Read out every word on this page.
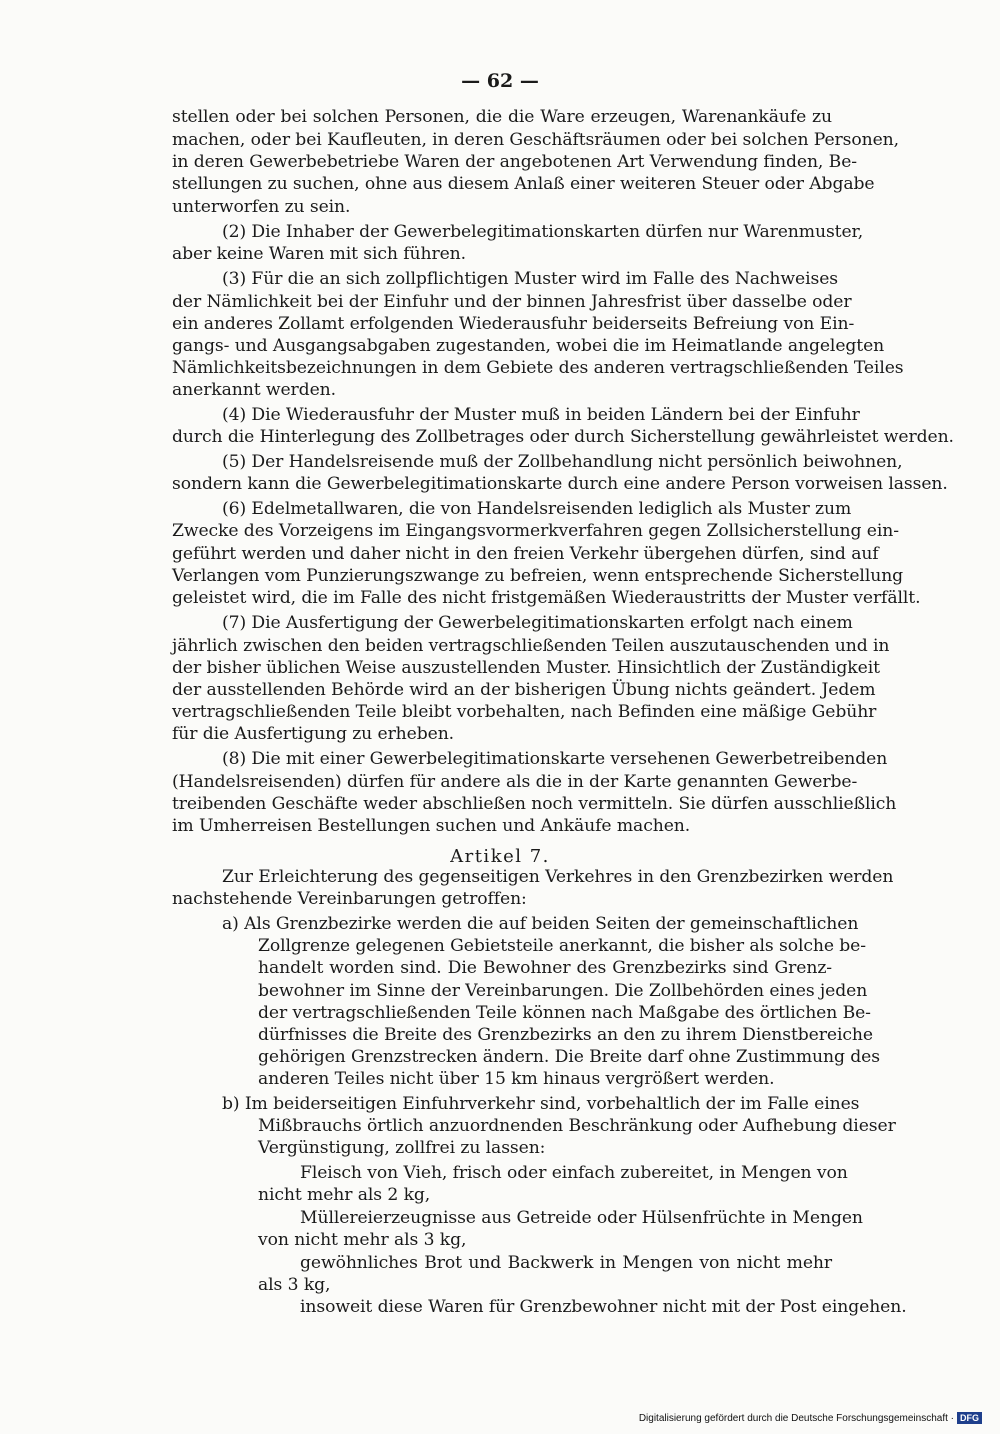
— 62 —
stellen oder bei solchen Personen, die die Ware erzeugen, Warenankäufe zu
machen, oder bei Kaufleuten, in deren Geschäftsräumen oder bei solchen Personen,
in deren Gewerbebetriebe Waren der angebotenen Art Verwendung finden, Be-
stellungen zu suchen, ohne aus diesem Anlaß einer weiteren Steuer oder Abgabe
unterworfen zu sein.
(2) Die Inhaber der Gewerbelegitimationskarten dürfen nur Warenmuster,
aber keine Waren mit sich führen.
(3) Für die an sich zollpflichtigen Muster wird im Falle des Nachweises
der Nämlichkeit bei der Einfuhr und der binnen Jahresfrist über dasselbe oder
ein anderes Zollamt erfolgenden Wiederausfuhr beiderseits Befreiung von Ein-
gangs- und Ausgangsabgaben zugestanden, wobei die im Heimatlande angelegten
Nämlichkeitsbezeichnungen in dem Gebiete des anderen vertragschließenden Teiles
anerkannt werden.
(4) Die Wiederausfuhr der Muster muß in beiden Ländern bei der Einfuhr
durch die Hinterlegung des Zollbetrages oder durch Sicherstellung gewährleistet werden.
(5) Der Handelsreisende muß der Zollbehandlung nicht persönlich beiwohnen,
sondern kann die Gewerbelegitimationskarte durch eine andere Person vorweisen lassen.
(6) Edelmetallwaren, die von Handelsreisenden lediglich als Muster zum
Zwecke des Vorzeigens im Eingangsvormerkverfahren gegen Zollsicherstellung ein-
geführt werden und daher nicht in den freien Verkehr übergehen dürfen, sind auf
Verlangen vom Punzierungszwange zu befreien, wenn entsprechende Sicherstellung
geleistet wird, die im Falle des nicht fristgemäßen Wiederaustritts der Muster verfällt.
(7) Die Ausfertigung der Gewerbelegitimationskarten erfolgt nach einem
jährlich zwischen den beiden vertragschließenden Teilen auszutauschenden und in
der bisher üblichen Weise auszustellenden Muster. Hinsichtlich der Zuständigkeit
der ausstellenden Behörde wird an der bisherigen Übung nichts geändert. Jedem
vertragschließenden Teile bleibt vorbehalten, nach Befinden eine mäßige Gebühr
für die Ausfertigung zu erheben.
(8) Die mit einer Gewerbelegitimationskarte versehenen Gewerbetreibenden
(Handelsreisenden) dürfen für andere als die in der Karte genannten Gewerbe-
treibenden Geschäfte weder abschließen noch vermitteln. Sie dürfen ausschließlich
im Umherreisen Bestellungen suchen und Ankäufe machen.
Zur Erleichterung des gegenseitigen Verkehres in den Grenzbezirken werden
nachstehende Vereinbarungen getroffen:
a) Als Grenzbezirke werden die auf beiden Seiten der gemeinschaftlichen
Zollgrenze gelegenen Gebietsteile anerkannt, die bisher als solche be-
handelt worden sind. Die Bewohner des Grenzbezirks sind Grenz-
bewohner im Sinne der Vereinbarungen. Die Zollbehörden eines jeden
der vertragschließenden Teile können nach Maßgabe des örtlichen Be-
dürfnisses die Breite des Grenzbezirks an den zu ihrem Dienstbereiche
gehörigen Grenzstrecken ändern. Die Breite darf ohne Zustimmung des
anderen Teiles nicht über 15 km hinaus vergrößert werden.
b) Im beiderseitigen Einfuhrverkehr sind, vorbehaltlich der im Falle eines
Mißbrauchs örtlich anzuordnenden Beschränkung oder Aufhebung dieser
Vergünstigung, zollfrei zu lassen:
Fleisch von Vieh, frisch oder einfach zubereitet, in Mengen von
nicht mehr als 2 kg,
Müllereierzeugnisse aus Getreide oder Hülsenfrüchte in Mengen
von nicht mehr als 3 kg,
gewöhnliches Brot und Backwerk in Mengen von nicht mehr
als 3 kg,
insoweit diese Waren für Grenzbewohner nicht mit der Post eingehen.
Artikel 7.
Digitalisierung gefördert durch die Deutsche Forschungsgemeinschaft · DFG
